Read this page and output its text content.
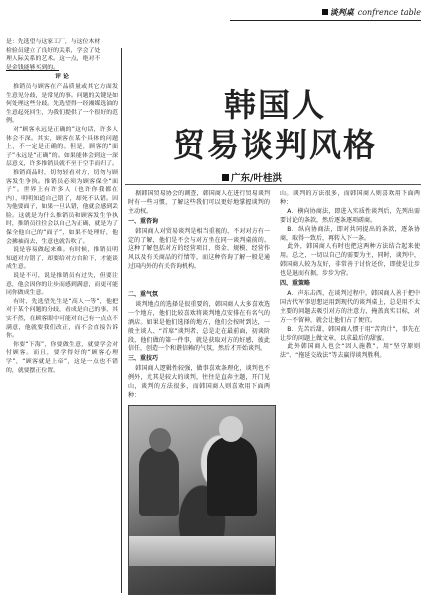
谈判桌 confrence table

是：先选望与这家工厂，与这位木材

检验员建立了良好的关系，学会了处

理人际关系的艺术。这一点，绝对不

是金钱能够买到的。

评 论

推销员与顾客在产品质量或其它方面发生意见分歧，是常见的事。问题的关键是如何处理这些分歧。先选望得一经湘媒选油的生意起死回生，为我们提供了一个很好的范例。

对“顾客永远是正确的”这句话，许多人体会不深。其实，顾客在某个具体的问题上，不一定是正确的。但是，顾客的“面子”永远是“正确”的。如果能体会到这一深层意义，许多推销员就不至于空手而归了。

推销商品时，切勿轻看对方，切勿与顾客发生争执。推销员必须为顾客保全“面子”。世界上有许多人（也许你我都在内），明明知道自己错了，却死不认错。因为他要面子，如果一旦认错，他就会感到丢脸。这就是为什么推销员和顾客发生争执时，推销员往往会以自己为正确，就是为了保全他自己的“面子”，如果不处理好，他会拂袖而去，生意也就告吹了。

说是容易做起来难。有时候，推销员明知道对方错了，却要给对方台阶下，才能谈成生意。

说是不可，说是推销员有过失，但要注意，他会因你的让步而感到满意，而更可能同你做成生意。

有时，先选望先生是“高人一等”，他把对于某个问题的分歧，看成是自己的事，其实不然，在顾客眼中可能对自己有一点点不满意，他就要我们改正，而不会直接告诉你。

你要“下海”，你要做生意，就要学会对付顾客。而且，要学得好的“顾客心理学”，“顾客就是上帝”，这是一点也不错的，就要摆正位置。

韩国人
贸易谈判风格
广东/叶桂洪

据韩国贸易协会的调查，韩国商人在进行贸易谈判时有一些习惯，了解这些我们可以更好地掌握谈判的主动权。

一、重咨询

韩国商人对贸易谈判是相当重视的，不对对方有一定的了解，他们是不会与对方坐在同一谈判桌前的。这种了解包括对方的经营项目、资金、规模、经营作风以及有关商品的行情等，而这种咨询了解一般是通过国内外的有关咨询机构。

二、重气氛

谈判地点的选择是很重要的，韩国商人大多喜欢选一个地方，他们比较喜欢将谈判地点安排在有名气的酒店。如果是他们选择的地方，他们会按时到达，一般主谈人、“首席”谈判者，总是走在最前面，初谈阶段，他们做的第一件事，就是获取对方的好感，彼此信任，创造一个和谐信赖的气氛，然后才开始谈判。

三、重技巧

韩国商人逻辑性较强，做事喜欢条理化，谈判也不例外，尤其是较大的谈判，往往是直奔主题，开门见山，谈判的方法很多，而韩国商人则喜欢用下面两种：

山。谈判的方法很多，而韩国商人则喜欢用下面两种：

A．横向协商法，即进入实质性谈判后，先列出需要讨论的条款，然后逐条逐项磋商。

B．纵向协商法，即对共同提出的条款，逐条协商，取得一致后，再转入下一条。

此外，韩国商人有时也把这两种方法结合起来使用。总之，一切以自己的需要为主，同时，谈判中，韩国商人较为友好，非常善于讨价还价，即使是让步也是退而有据，步步为营。

四、重策略

A．声东击西，在谈判过程中，韩国商人善于把中国古代军事思想运用到现代的谈判桌上，总是用不太主要的问题去吸引对方的注意力，掩盖真实目标，对方一不留神，就会让他们占了便宜。

B．先苦后甜，韩国商人惯于用“苦肉计”，事先在让步的问题上做文章，以求最后的甜蜜。

此外韩国商人也会“因人施教”，用“坚守原则法”、“拖延交战法”等去赢得谈判胜利。
